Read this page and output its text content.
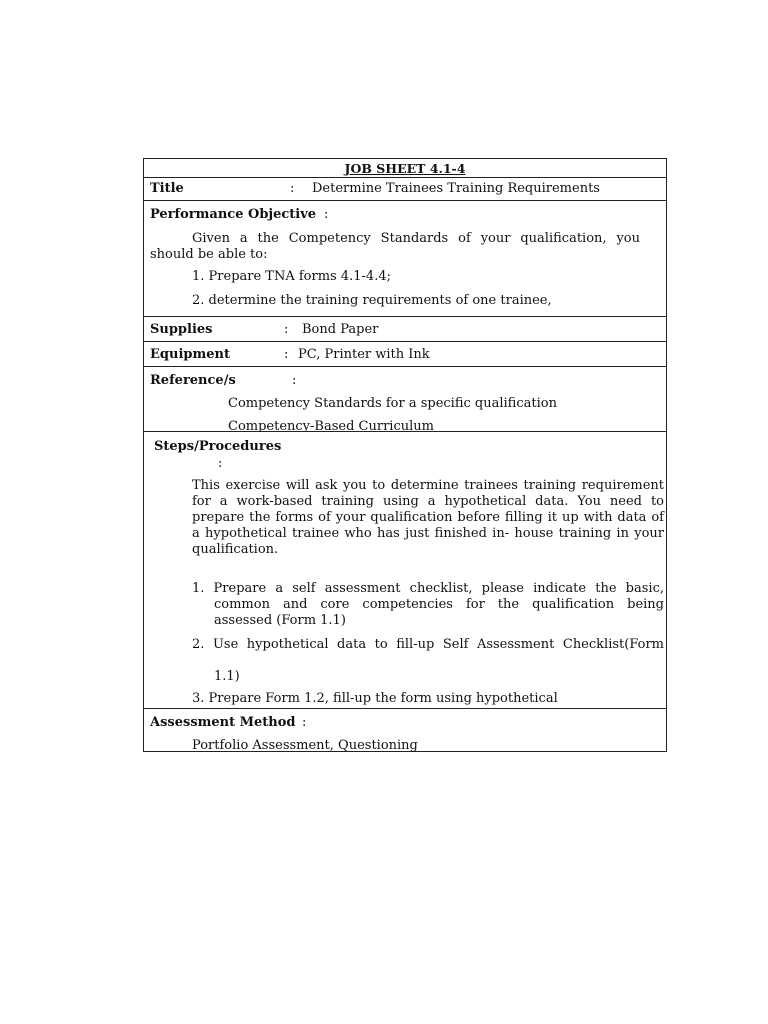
JOB SHEET 4.1-4
Title	: Determine Trainees Training Requirements
Performance Objective :
Given a the Competency Standards of your qualification, you should be able to:
1. Prepare TNA forms 4.1-4.4;
2. determine the training requirements of one trainee,
Supplies	: Bond Paper
Equipment	: PC, Printer with Ink
Reference/s	:
Competency Standards for a specific qualification
Competency-Based Curriculum
Steps/Procedures
:
This exercise will ask you to determine trainees training requirement for a work-based training using a hypothetical data. You need to prepare the forms of your qualification before filling it up with data of a hypothetical trainee who has just finished in- house training in your qualification.
1. Prepare a self assessment checklist, please indicate the basic, common and core competencies for the qualification being assessed (Form 1.1)
2. Use hypothetical data to fill-up Self Assessment Checklist(Form
1.1)
3. Prepare Form 1.2, fill-up the form using hypothetical
Assessment Method :
Portfolio Assessment, Questioning
